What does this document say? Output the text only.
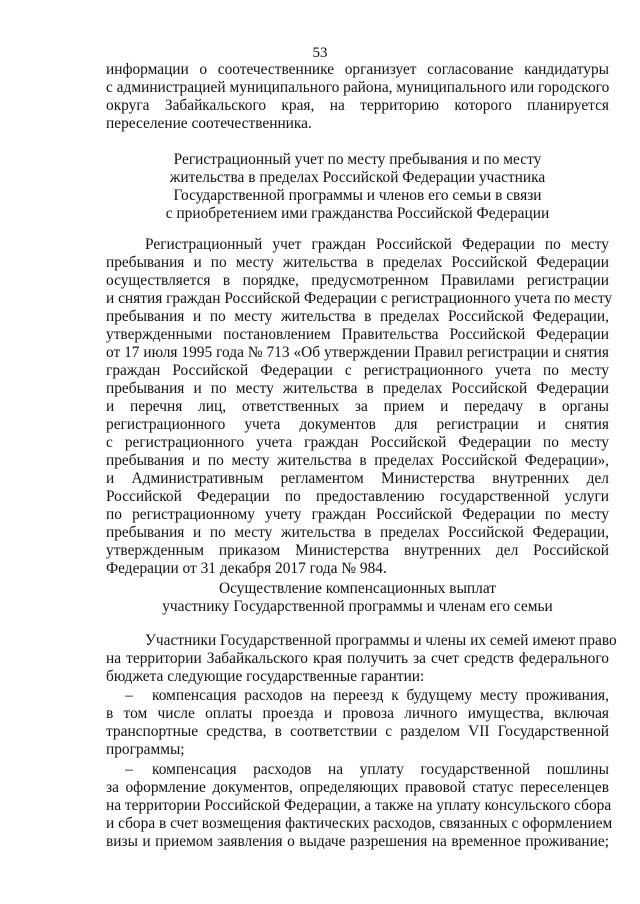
53
информации о соотечественнике организует согласование кандидатуры
с администрацией муниципального района, муниципального или городского
округа Забайкальского края, на территорию которого планируется
переселение соотечественника.
Регистрационный учет по месту пребывания и по месту
жительства в пределах Российской Федерации участника
Государственной программы и членов его семьи в связи
с приобретением ими гражданства Российской Федерации
Регистрационный учет граждан Российской Федерации по месту
пребывания и по месту жительства в пределах Российской Федерации
осуществляется в порядке, предусмотренном Правилами регистрации
и снятия граждан Российской Федерации с регистрационного учета по месту
пребывания и по месту жительства в пределах Российской Федерации,
утвержденными постановлением Правительства Российской Федерации
от 17 июля 1995 года № 713 «Об утверждении Правил регистрации и снятия
граждан Российской Федерации с регистрационного учета по месту
пребывания и по месту жительства в пределах Российской Федерации
и перечня лиц, ответственных за прием и передачу в органы
регистрационного учета документов для регистрации и снятия
с регистрационного учета граждан Российской Федерации по месту
пребывания и по месту жительства в пределах Российской Федерации»,
и Административным регламентом Министерства внутренних дел
Российской Федерации по предоставлению государственной услуги
по регистрационному учету граждан Российской Федерации по месту
пребывания и по месту жительства в пределах Российской Федерации,
утвержденным приказом Министерства внутренних дел Российской
Федерации от 31 декабря 2017 года № 984.
Осуществление компенсационных выплат
участнику Государственной программы и членам его семьи
Участники Государственной программы и члены их семей имеют право
на территории Забайкальского края получить за счет средств федерального
бюджета следующие государственные гарантии:
–	компенсация расходов на переезд к будущему месту проживания,
в том числе оплаты проезда и провоза личного имущества, включая
транспортные средства, в соответствии с разделом VII Государственной
программы;
–	компенсация расходов на уплату государственной пошлины
за оформление документов, определяющих правовой статус переселенцев
на территории Российской Федерации, а также на уплату консульского сбора
и сбора в счет возмещения фактических расходов, связанных с оформлением
визы и приемом заявления о выдаче разрешения на временное проживание;
